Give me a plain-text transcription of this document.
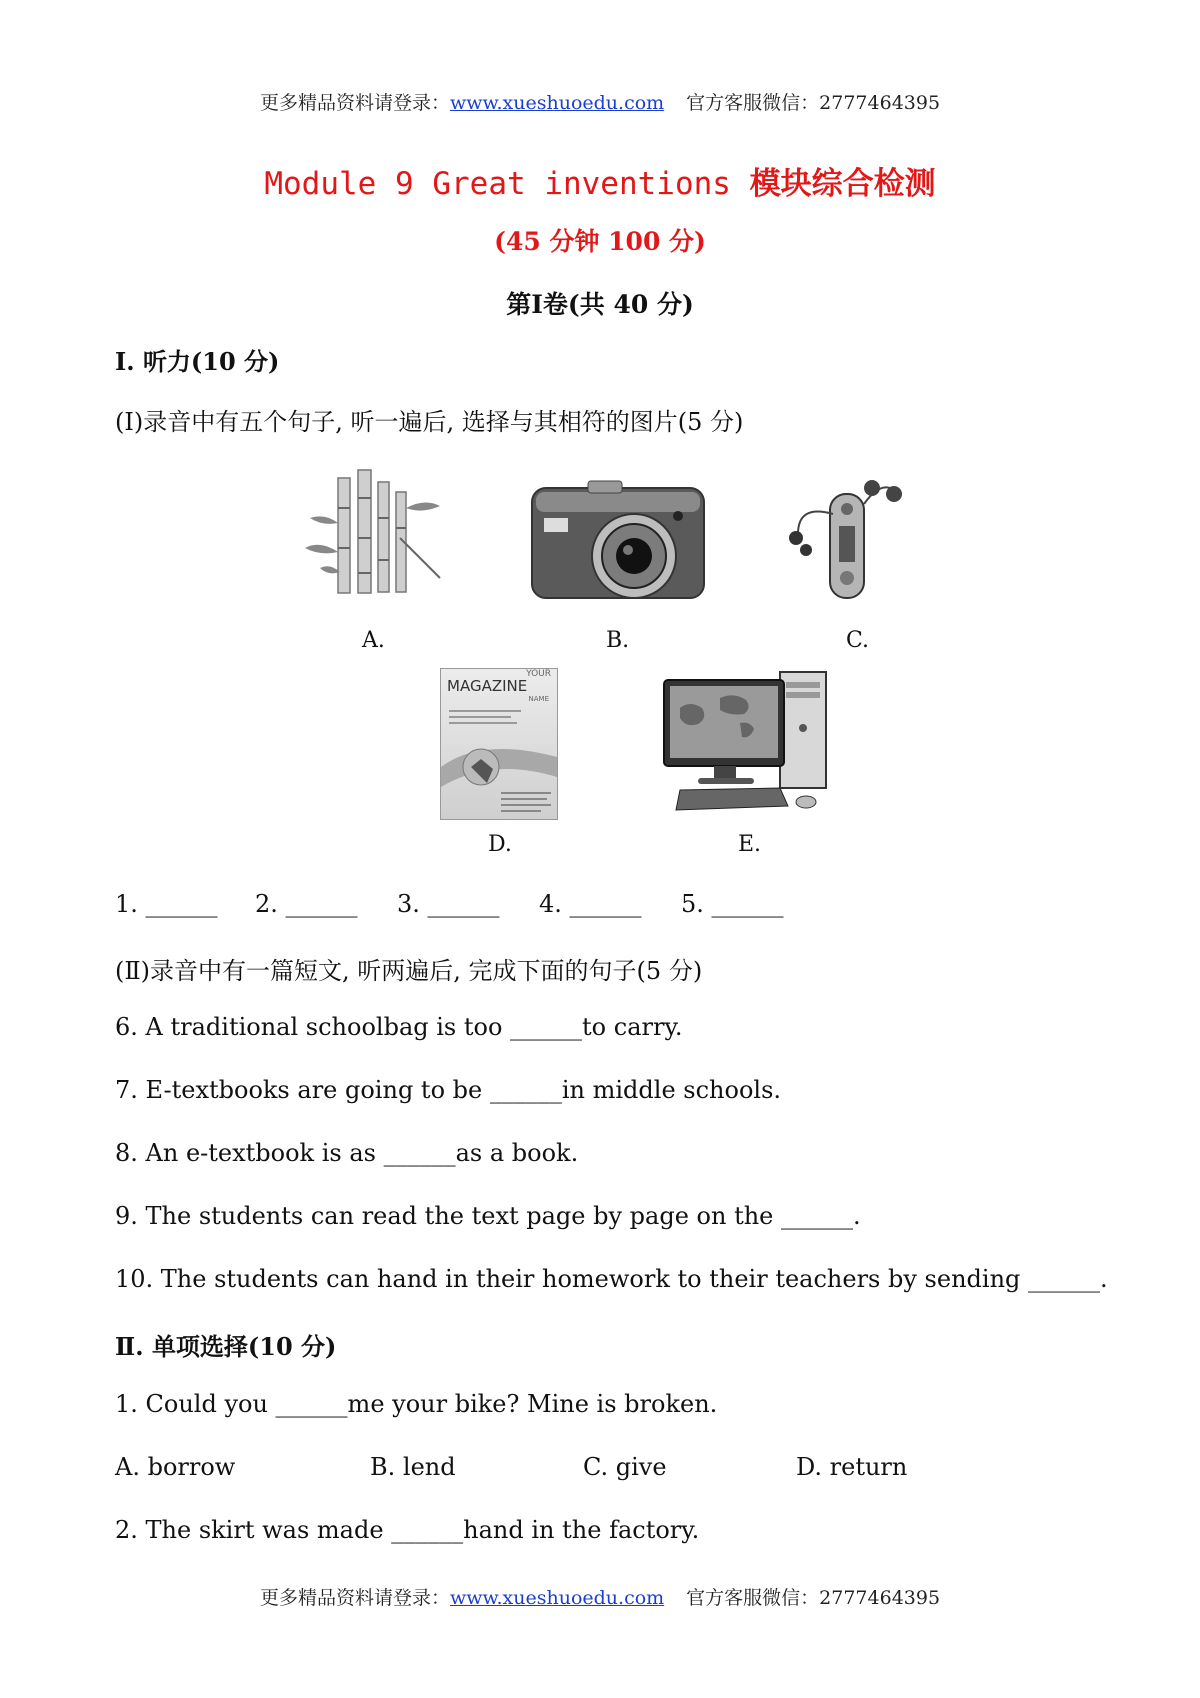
更多精品资料请登录：www.xueshuoedu.com 官方客服微信：2777464395
Module 9 Great inventions 模块综合检测
(45 分钟 100 分)
第Ⅰ卷(共 40 分)
Ⅰ. 听力(10 分)
(Ⅰ)录音中有五个句子, 听一遍后, 选择与其相符的图片(5 分)
A.	B.	C.
YOUR
MAGAZINE
NAME
D.	E.
1. ______ 2. ______ 3. ______ 4. ______ 5. ______
(Ⅱ)录音中有一篇短文, 听两遍后, 完成下面的句子(5 分)
6. A traditional schoolbag is too ______to carry.
7. E-textbooks are going to be ______in middle schools.
8. An e-textbook is as ______as a book.
9. The students can read the text page by page on the ______.
10. The students can hand in their homework to their teachers by sending ______.
Ⅱ. 单项选择(10 分)
1. Could you ______me your bike? Mine is broken.
A. borrow	B. lend	C. give	D. return
2. The skirt was made ______hand in the factory.
更多精品资料请登录：www.xueshuoedu.com 官方客服微信：2777464395
